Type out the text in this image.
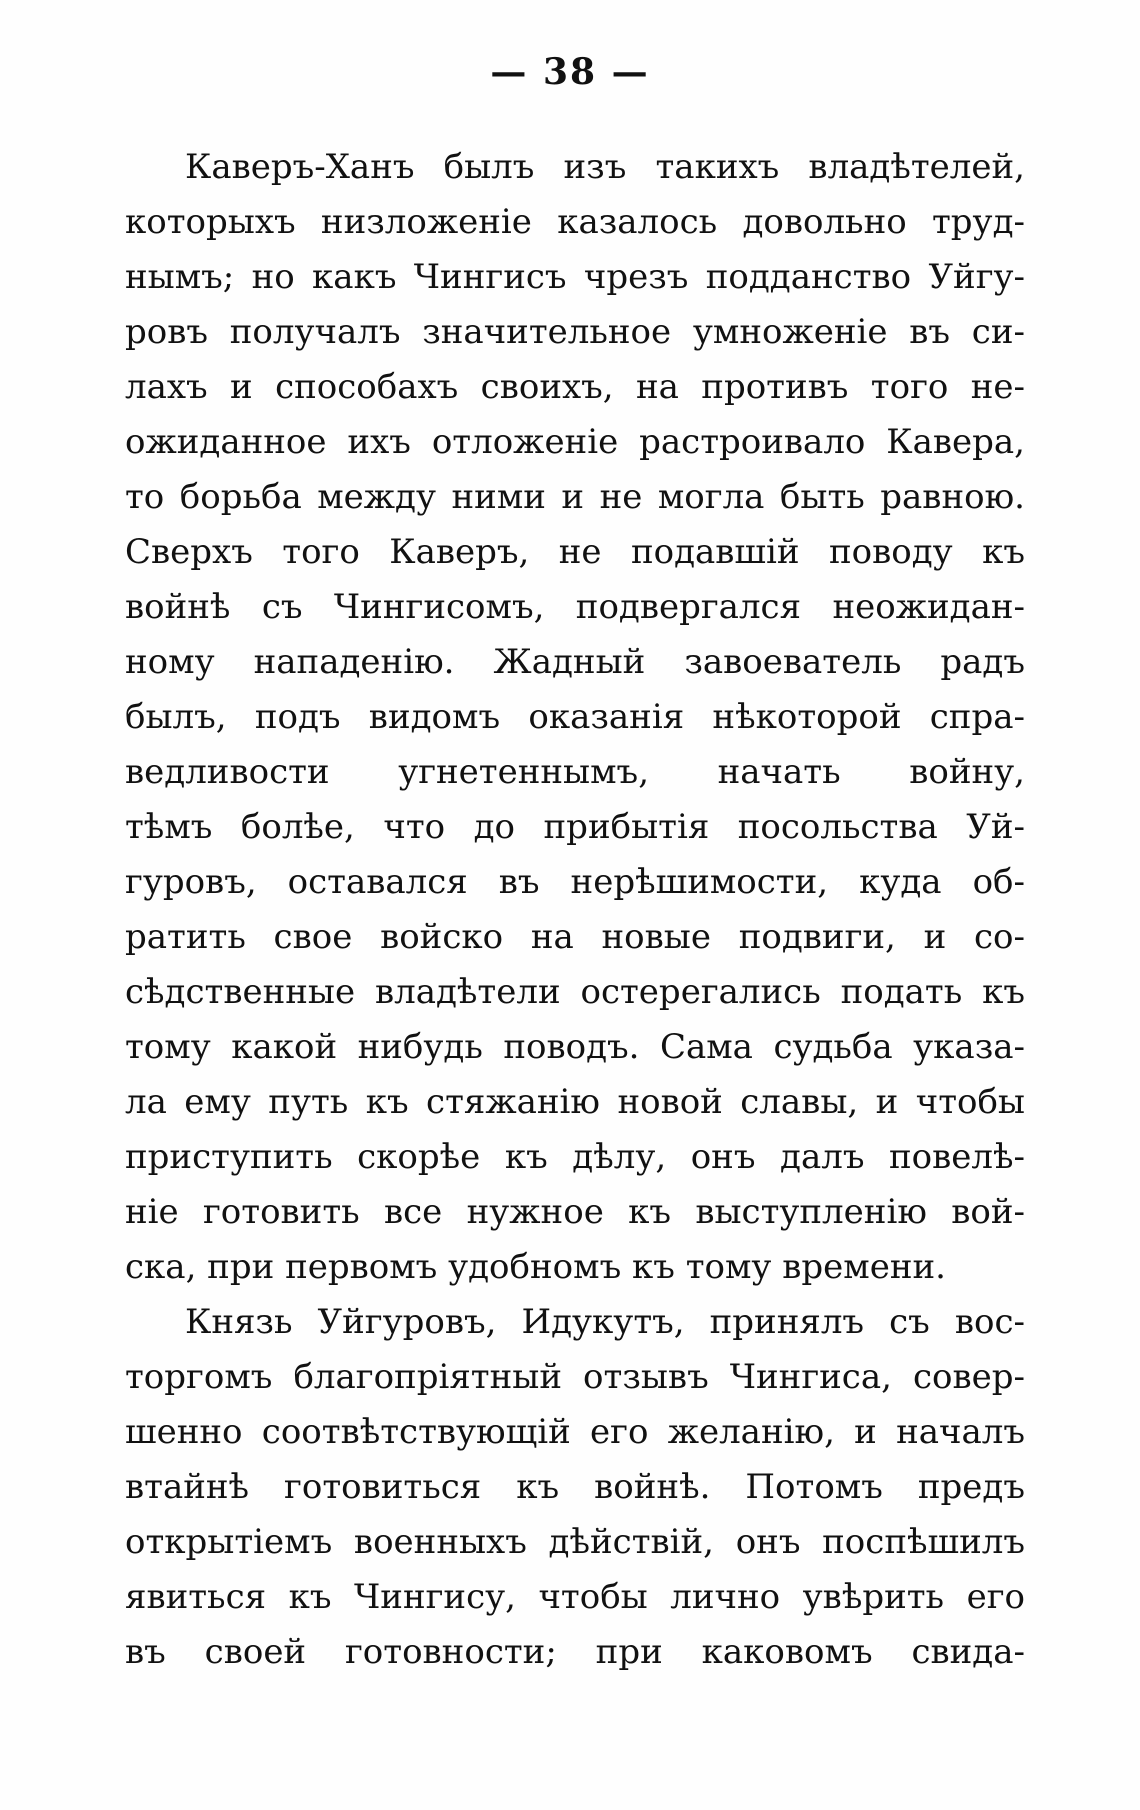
— 38 —
Каверъ-Ханъ былъ изъ такихъ владѣтелей,
которыхъ низложеніе казалось довольно труд-
нымъ; но какъ Чингисъ чрезъ подданство Уйгу-
ровъ получалъ значительное умноженіе въ си-
лахъ и способахъ своихъ, на противъ того не-
ожиданное ихъ отложеніе растроивало Кавера,
то борьба между ними и не могла быть равною.
Сверхъ того Каверъ, не подавшій поводу къ
войнѣ съ Чингисомъ, подвергался неожидан-
ному нападенію. Жадный завоеватель радъ
былъ, подъ видомъ оказанія нѣкоторой спра-
ведливости угнетеннымъ, начать войну,
тѣмъ болѣе, что до прибытія посольства Уй-
гуровъ, оставался въ нерѣшимости, куда об-
ратить свое войско на новые подвиги, и со-
сѣдственные владѣтели остерегались подать къ
тому какой нибудь поводъ. Сама судьба указа-
ла ему путь къ стяжанію новой славы, и чтобы
приступить скорѣе къ дѣлу, онъ далъ повелѣ-
ніе готовить все нужное къ выступленію вой-
ска, при первомъ удобномъ къ тому времени.
Князь Уйгуровъ, Идукутъ, принялъ съ вос-
торгомъ благопріятный отзывъ Чингиса, совер-
шенно соотвѣтствующій его желанію, и началъ
втайнѣ готовиться къ войнѣ. Потомъ предъ
открытіемъ военныхъ дѣйствій, онъ поспѣшилъ
явиться къ Чингису, чтобы лично увѣрить его
въ своей готовности; при каковомъ свида-
